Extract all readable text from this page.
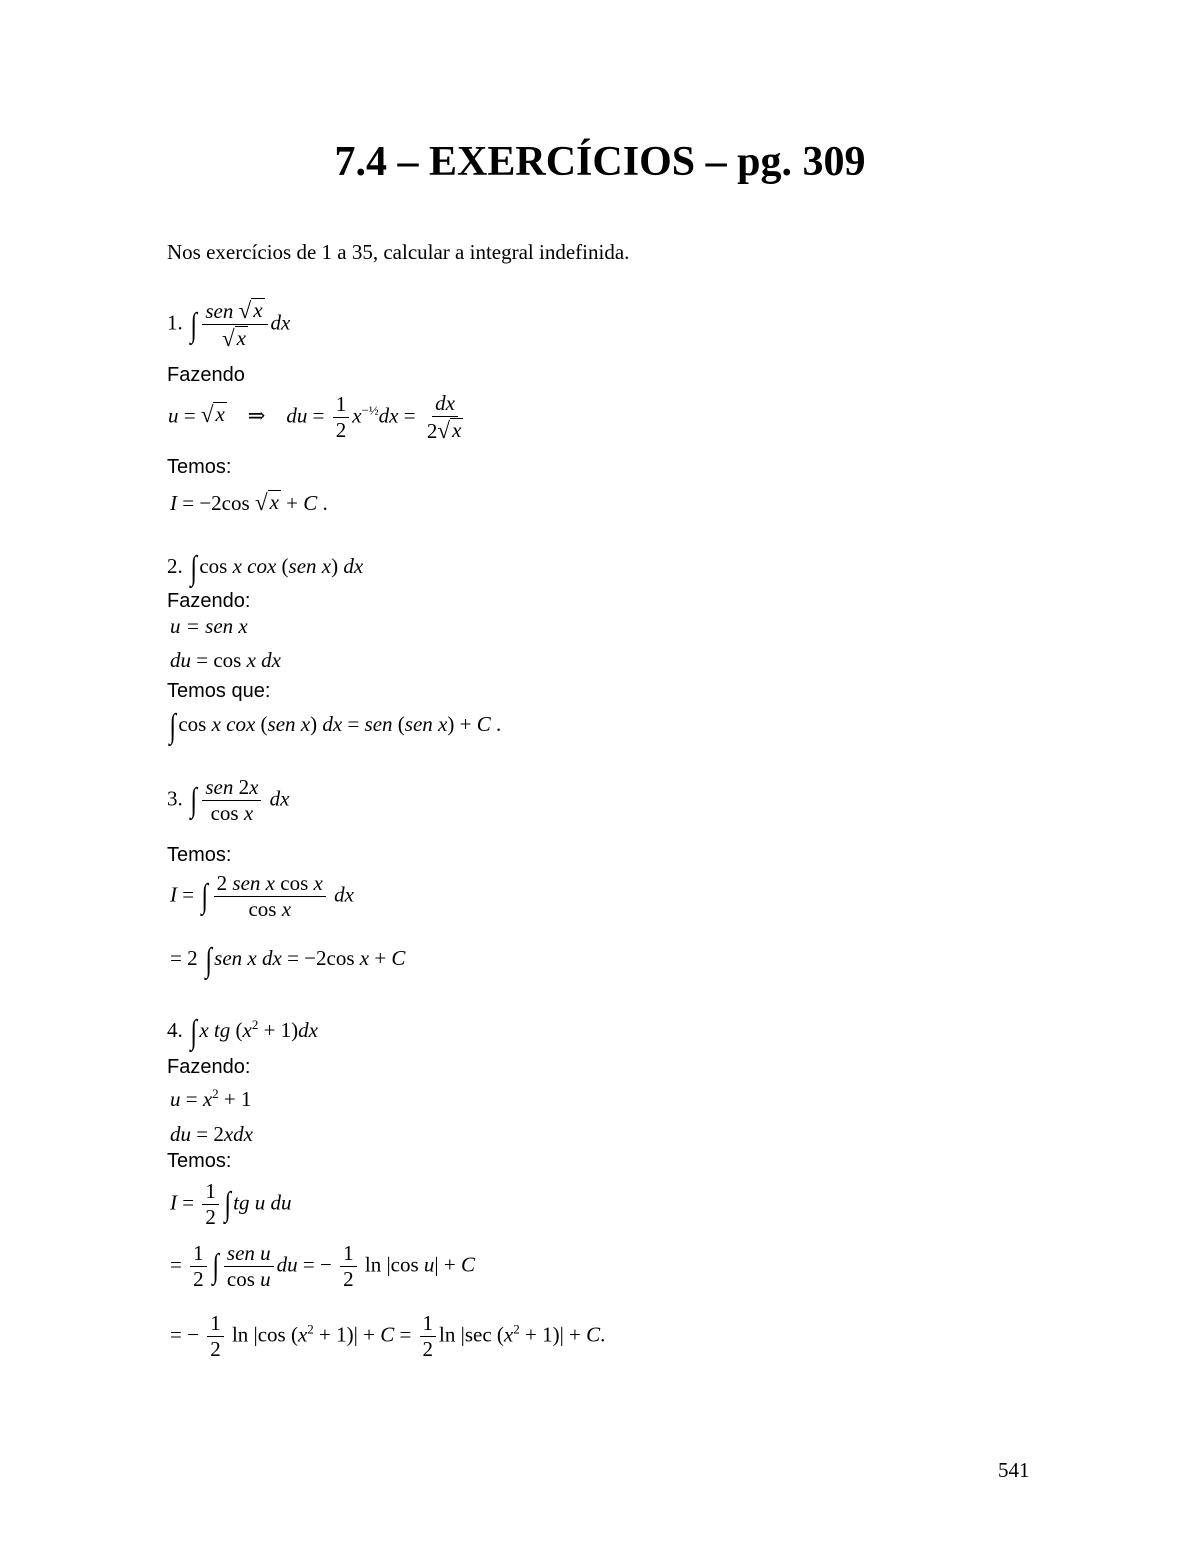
7.4 – EXERCÍCIOS – pg. 309
Nos exercícios de 1 a 35, calcular a integral indefinida.
1. ∫ $\frac{\text{sen √ x}}{√ x}$ dx
Fazendo
u = √ x ⇒    du = $\frac{1}{2} x^{-\frac{1}{2}}dx = \frac{dx}{2 √ x}$
Temos:
I = −2cos √ x + C .
2. ∫ cos x cox (sen x) dx
Fazendo:
u = sen x
du = cos x dx
Temos que:
∫ cos x cox (sen x) dx = sen (sen x) + C .
3. ∫ $\frac{\text{sen 2x}}{\text{cos x}}$ dx
Temos:
I = ∫ $\frac{\text{2 sen x cos x}}{\text{cos x}}$ dx
= 2 ∫ sen x dx = −2cos x + C
4. ∫ x tg $(x^2 + 1)dx$
Fazendo:
$u = x^2 + 1$
du = 2xdx
Temos:
$I = \frac{1}{2}$ ∫ tg u du
= $\frac{1}{2}$ ∫ $\frac{\text{sen u}}{\text{cos u}}$ du = − $\frac{1}{2}$ ln |cos u| + C
= − $\frac{1}{2}$ ln |cos $(x^2 + 1)| + C = \frac{1}{2}$ ln |sec $(x^2 + 1)| + C$.
541
